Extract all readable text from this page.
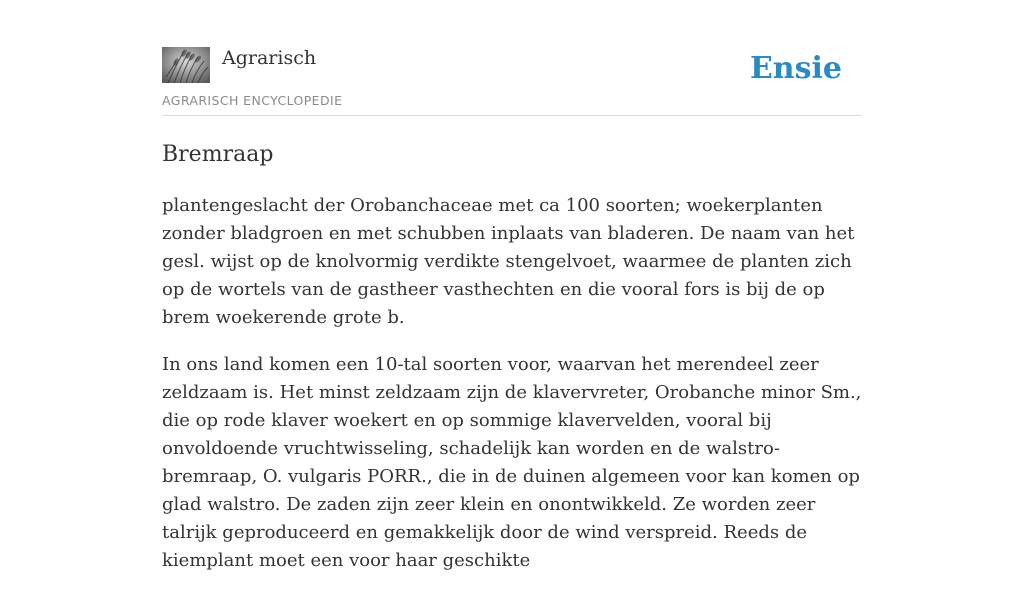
Agrarisch
AGRARISCH ENCYCLOPEDIE
Ensie
Bremraap

plantengeslacht der Orobanchaceae met ca 100 soorten; woekerplanten zonder bladgroen en met schubben inplaats van bladeren. De naam van het gesl. wijst op de knolvormig verdikte stengelvoet, waarmee de planten zich op de wortels van de gastheer vasthechten en die vooral fors is bij de op brem woekerende grote b.

In ons land komen een 10-tal soorten voor, waarvan het merendeel zeer zeldzaam is. Het minst zeldzaam zijn de klavervreter, Orobanche minor Sm., die op rode klaver woekert en op sommige klavervelden, vooral bij onvoldoende vruchtwisseling, schadelijk kan worden en de walstro-bremraap, O. vulgaris PORR., die in de duinen algemeen voor kan komen op glad walstro. De zaden zijn zeer klein en onontwikkeld. Ze worden zeer talrijk geproduceerd en gemakkelijk door de wind verspreid. Reeds de kiemplant moet een voor haar geschikte
